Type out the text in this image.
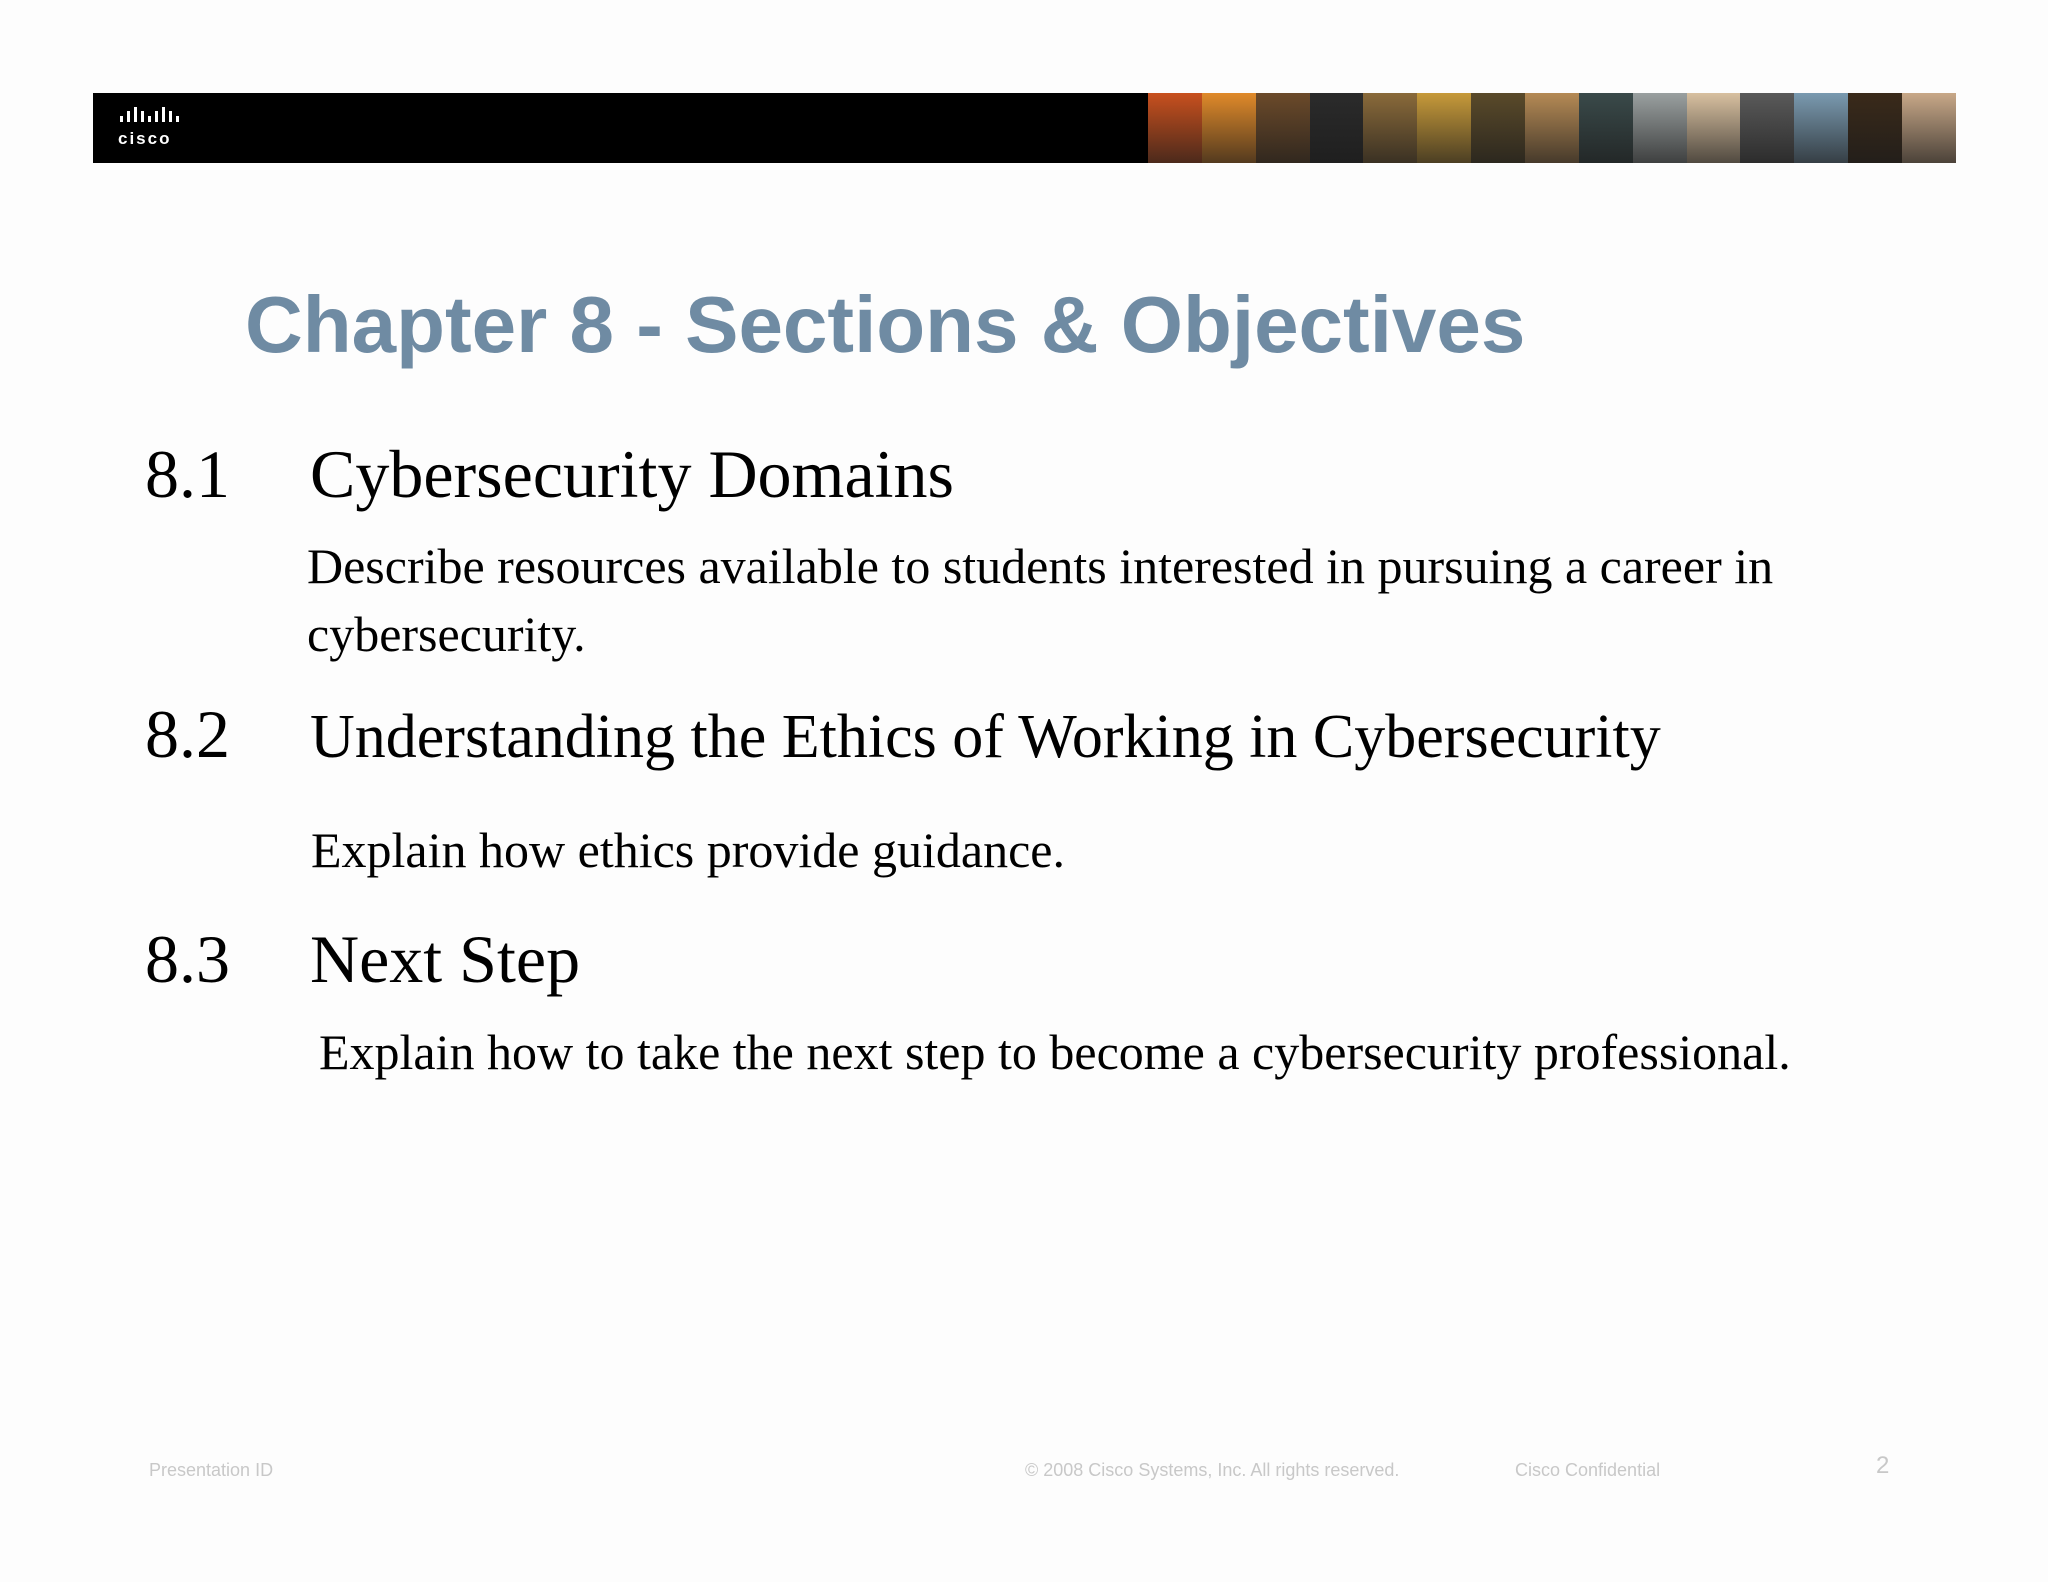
cisco
Chapter 8 - Sections & Objectives
8.1 Cybersecurity Domains
Describe resources available to students interested in pursuing a career in cybersecurity.
8.2 Understanding the Ethics of Working in Cybersecurity
Explain how ethics provide guidance.
8.3 Next Step
Explain how to take the next step to become a cybersecurity professional.
Presentation ID	© 2008 Cisco Systems, Inc. All rights reserved.	Cisco Confidential	2
